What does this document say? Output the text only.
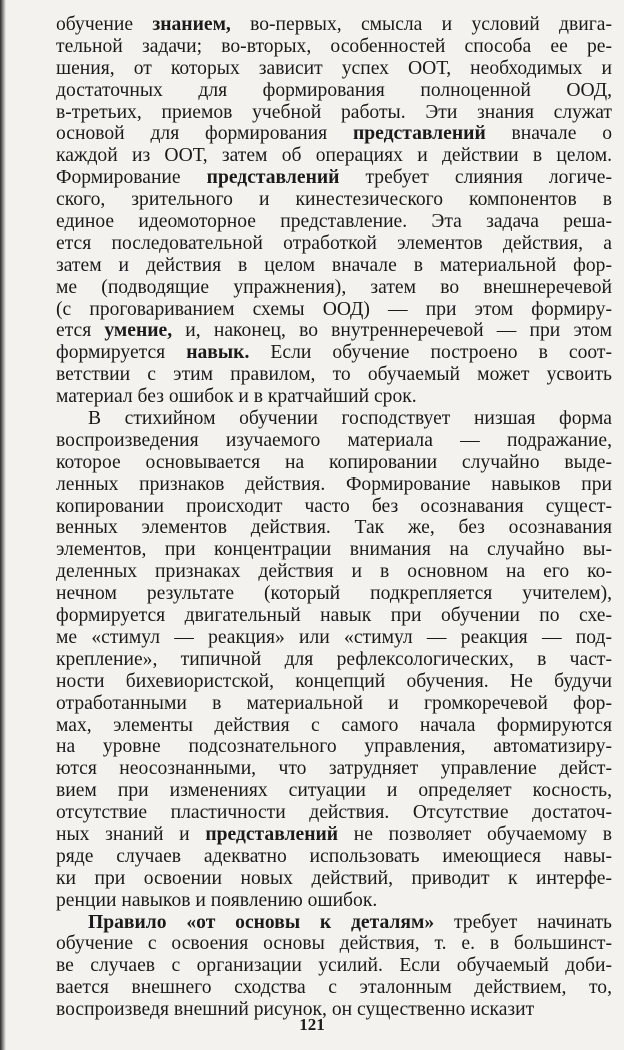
обучение знанием, во-первых, смысла и условий двига-
тельной задачи; во-вторых, особенностей способа ее ре-
шения, от которых зависит успех ООТ, необходимых и
достаточных для формирования полноценной ООД,
в-третьих, приемов учебной работы. Эти знания служат
основой для формирования представлений вначале о
каждой из ООТ, затем об операциях и действии в целом.
Формирование представлений требует слияния логиче-
ского, зрительного и кинестезического компонентов в
единое идеомоторное представление. Эта задача реша-
ется последовательной отработкой элементов действия, а
затем и действия в целом вначале в материальной фор-
ме (подводящие упражнения), затем во внешнеречевой
(с проговариванием схемы ООД) — при этом формиру-
ется умение, и, наконец, во внутреннеречевой — при этом
формируется навык. Если обучение построено в соот-
ветствии с этим правилом, то обучаемый может усвоить
материал без ошибок и в кратчайший срок.
В стихийном обучении господствует низшая форма
воспроизведения изучаемого материала — подражание,
которое основывается на копировании случайно выде-
ленных признаков действия. Формирование навыков при
копировании происходит часто без осознавания сущест-
венных элементов действия. Так же, без осознавания
элементов, при концентрации внимания на случайно вы-
деленных признаках действия и в основном на его ко-
нечном результате (который подкрепляется учителем),
формируется двигательный навык при обучении по схе-
ме «стимул — реакция» или «стимул — реакция — под-
крепление», типичной для рефлексологических, в част-
ности бихевиористской, концепций обучения. Не будучи
отработанными в материальной и громкоречевой фор-
мах, элементы действия с самого начала формируются
на уровне подсознательного управления, автоматизиру-
ются неосознанными, что затрудняет управление дейст-
вием при изменениях ситуации и определяет косность,
отсутствие пластичности действия. Отсутствие достаточ-
ных знаний и представлений не позволяет обучаемому в
ряде случаев адекватно использовать имеющиеся навы-
ки при освоении новых действий, приводит к интерфе-
ренции навыков и появлению ошибок.
Правило «от основы к деталям» требует начинать
обучение с освоения основы действия, т. е. в большинст-
ве случаев с организации усилий. Если обучаемый доби-
вается внешнего сходства с эталонным действием, то,
воспроизведя внешний рисунок, он существенно исказит
121
